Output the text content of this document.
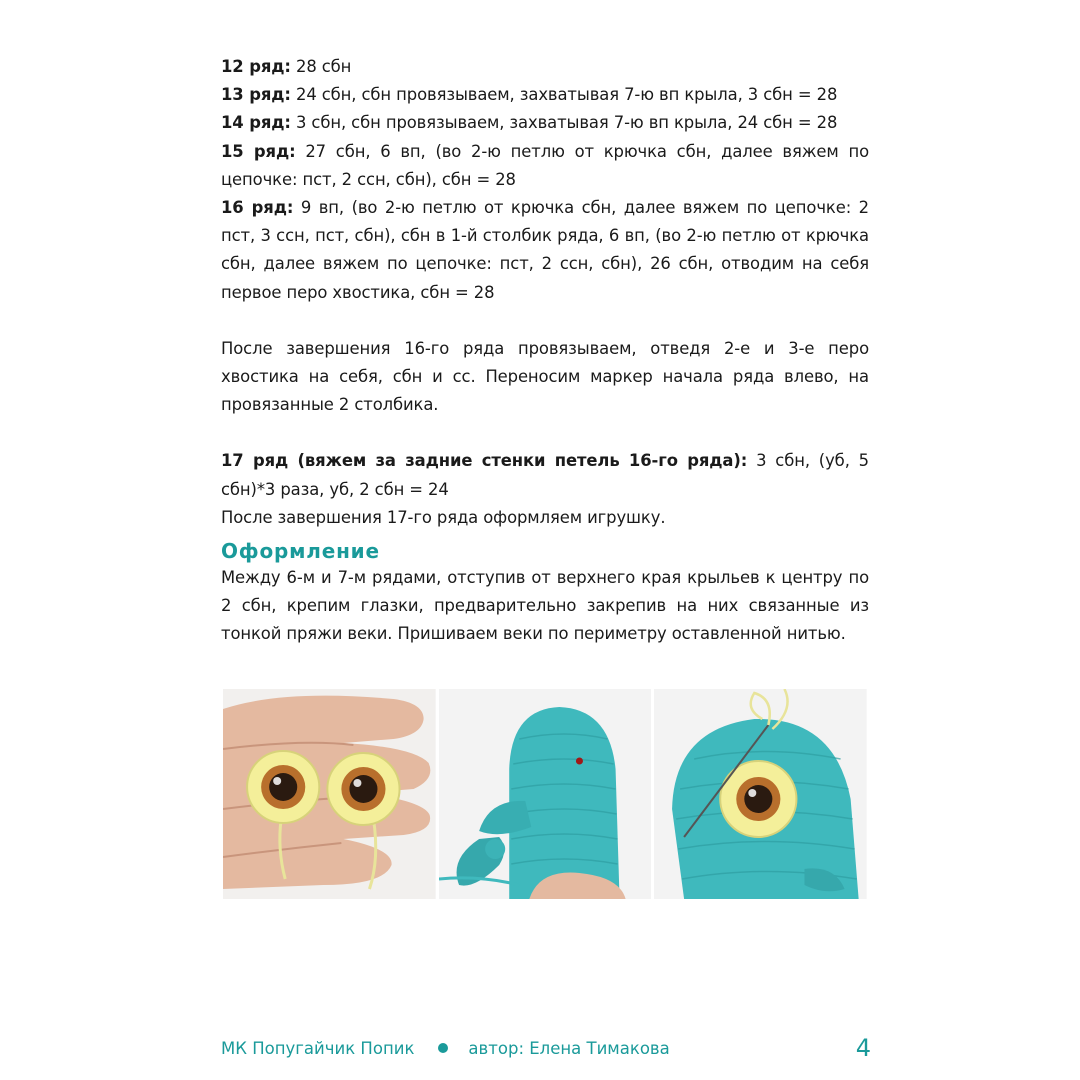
12 ряд: 28 сбн

13 ряд: 24 сбн, сбн провязываем, захватывая 7-ю вп крыла, 3 сбн = 28

14 ряд: 3 сбн, сбн провязываем, захватывая 7-ю вп крыла, 24 сбн = 28

15 ряд: 27 сбн, 6 вп, (во 2-ю петлю от крючка сбн, далее вяжем по цепочке: пст, 2 ссн, сбн), сбн = 28

16 ряд: 9 вп, (во 2-ю петлю от крючка сбн, далее вяжем по цепочке: 2 пст, 3 ссн, пст, сбн), сбн в 1-й столбик ряда, 6 вп, (во 2-ю петлю от крючка сбн, далее вяжем по цепочке: пст, 2 ссн, сбн), 26 сбн, отводим на себя первое перо хвостика, сбн = 28

После завершения 16-го ряда провязываем, отведя 2-е и 3-е перо хвостика на себя, сбн и сс. Переносим маркер начала ряда влево, на провязанные 2 столбика.

17 ряд (вяжем за задние стенки петель 16-го ряда): 3 сбн, (уб, 5 сбн)*3 раза, уб, 2 сбн = 24

После завершения 17-го ряда оформляем игрушку.

Оформление

Между 6-м и 7-м рядами, отступив от верхнего края крыльев к центру по 2 сбн, крепим глазки, предварительно закрепив на них связанные из тонкой пряжи веки. Пришиваем веки по периметру оставленной нитью.

МК Попугайчик Попик	автор: Елена Тимакова	4
